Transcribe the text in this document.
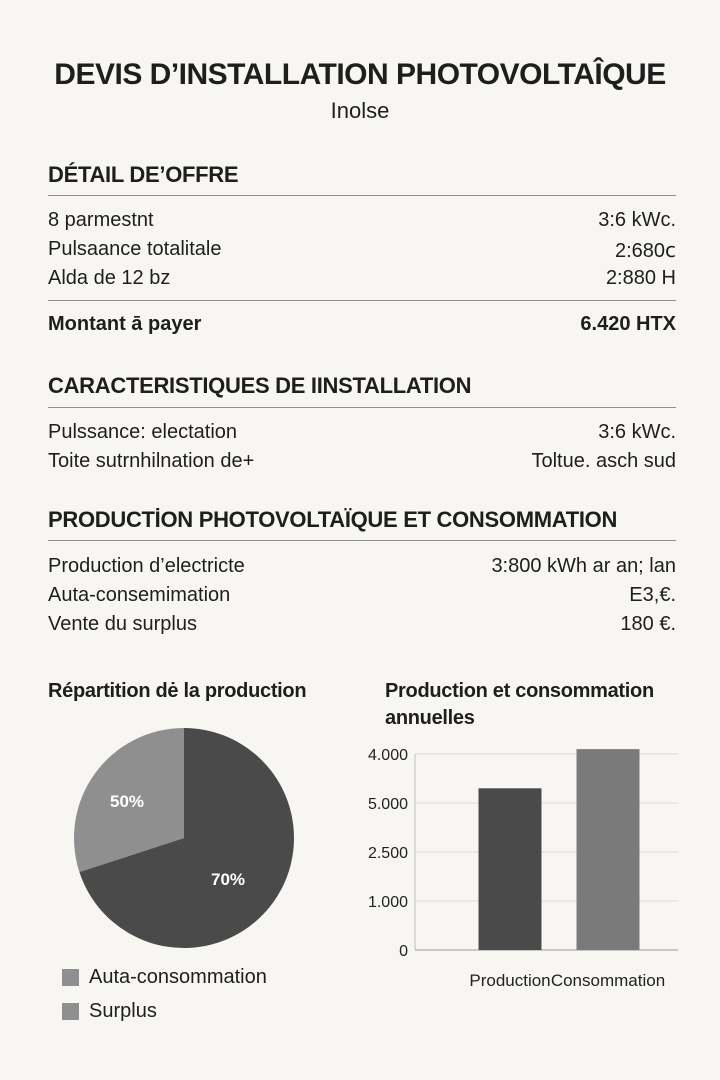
DEVIS D’INSTALLATION PHOTOVOLTAÎQUE
Inolse
DÉTAIL DE’OFFRE
8 parmestnt	3:6 kWc.
Pulsaance totalitale	2:680ⅽ
Alda de 12 bz	2:880 H
Montant ā payer	6.420 HTX
CARACTERISTIQUES DE IINSTALLATION
Pulssance: electation	3:6 kWc.
Toite sutrnhilnation de+	Toltue. asch sud
PRODUCTİON PHOTOVOLTAÏQUE ET CONSOMMATION
Production d’electricte	3:800 kWh ar an; lan
Auta-consemimation	E3,€.
Vente du surplus	180 €.
Répartition dė la production
70%
50%
Auta-consommation
Surplus
Production et consommation annuelles
0
1.000
2.500
5.000
4.000
Production Consommation
